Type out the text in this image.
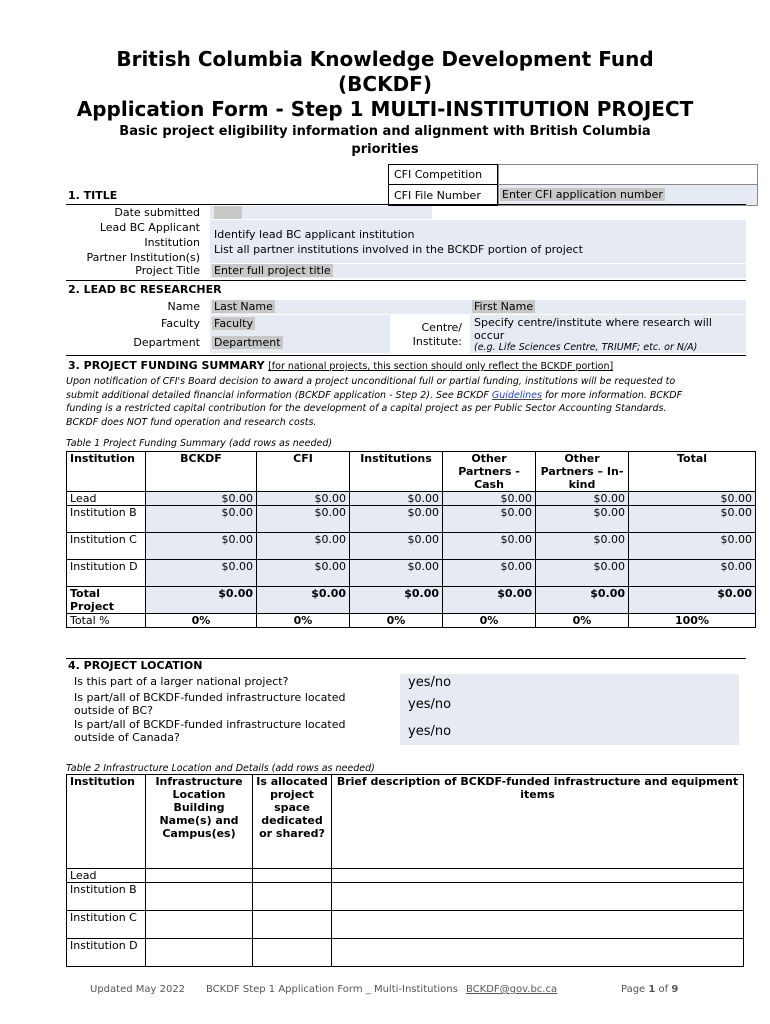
British Columbia Knowledge Development Fund
(BCKDF)
Application Form - Step 1 MULTI-INSTITUTION PROJECT
Basic project eligibility information and alignment with British Columbia
priorities
CFI Competition
CFI File Number Enter CFI application number
1. TITLE
Date submitted
Lead BC Applicant
Institution
Identify lead BC applicant institution
Partner Institution(s)
List all partner institutions involved in the BCKDF portion of project
Project Title Enter full project title
2. LEAD BC RESEARCHER
Name Last Name	First Name
Faculty Faculty
Department Department
Centre/
Institute:
Specify centre/institute where research will
occur
(e.g. Life Sciences Centre, TRIUMF; etc. or N/A)
3. PROJECT FUNDING SUMMARY [for national projects, this section should only reflect the BCKDF portion]
Upon notification of CFI's Board decision to award a project unconditional full or partial funding, institutions will be requested to
submit additional detailed financial information (BCKDF application - Step 2). See BCKDF Guidelines for more information. BCKDF
funding is a restricted capital contribution for the development of a capital project as per Public Sector Accounting Standards.
BCKDF does NOT fund operation and research costs.
Table 1 Project Funding Summary (add rows as needed)
Institution	BCKDF	CFI	Institutions	Other Partners - Cash	Other Partners – In-kind	Total
Lead	$0.00	$0.00	$0.00	$0.00	$0.00	$0.00
Institution B	$0.00	$0.00	$0.00	$0.00	$0.00	$0.00
Institution C	$0.00	$0.00	$0.00	$0.00	$0.00	$0.00
Institution D	$0.00	$0.00	$0.00	$0.00	$0.00	$0.00
Total Project	$0.00	$0.00	$0.00	$0.00	$0.00	$0.00
Total %	0%	0%	0%	0%	0%	100%
4. PROJECT LOCATION
Is this part of a larger national project?
Is part/all of BCKDF-funded infrastructure located
outside of BC?
Is part/all of BCKDF-funded infrastructure located
outside of Canada?
yes/no
yes/no
yes/no
Table 2 Infrastructure Location and Details (add rows as needed)
Institution	Infrastructure Location Building Name(s) and Campus(es)	Is allocated project space dedicated or shared?	Brief description of BCKDF-funded infrastructure and equipment items
Lead			
Institution B			
Institution C			
Institution D			
Updated May 2022 BCKDF Step 1 Application Form _ Multi-Institutions BCKDF@gov.bc.ca	Page 1 of 9
